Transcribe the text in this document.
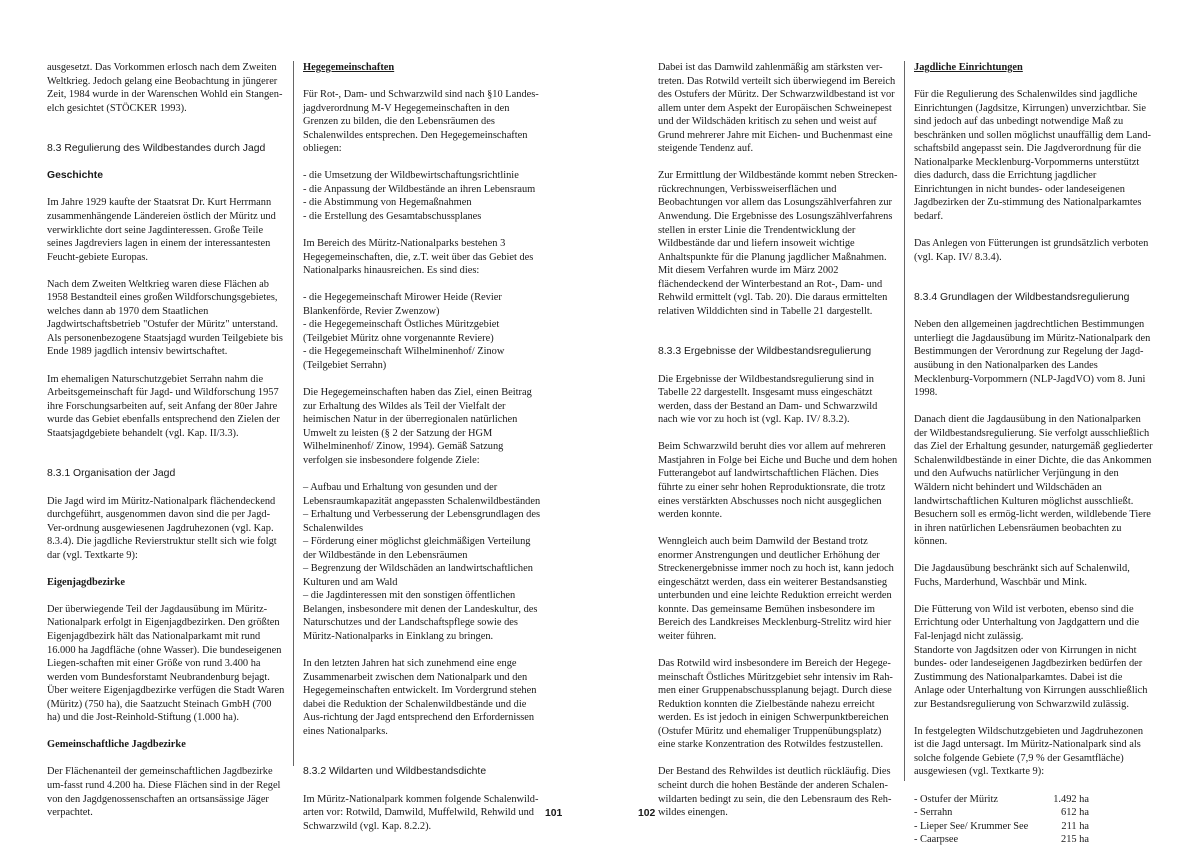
ausgesetzt. Das Vorkommen erlosch nach dem Zweiten Weltkrieg. Jedoch gelang eine Beobachtung in jüngerer Zeit, 1984 wurde in der Warenschen Wohld ein Stangen-elch gesichtet (STÖCKER 1993).

8.3 Regulierung des Wildbestandes durch Jagd
Geschichte

Im Jahre 1929 kaufte der Staatsrat Dr. Kurt Herrmann zusammenhängende Ländereien östlich der Müritz und verwirklichte dort seine Jagdinteressen. Große Teile seines Jagdreviers lagen in einem der interessantesten Feucht-gebiete Europas.

Nach dem Zweiten Weltkrieg waren diese Flächen ab 1958 Bestandteil eines großen Wildforschungsgebietes, welches dann ab 1970 dem Staatlichen Jagdwirtschaftsbetrieb "Ostufer der Müritz" unterstand. Als personenbezogene Staatsjagd wurden Teilgebiete bis Ende 1989 jagdlich intensiv bewirtschaftet.

Im ehemaligen Naturschutzgebiet Serrahn nahm die Arbeitsgemeinschaft für Jagd- und Wildforschung 1957 ihre Forschungsarbeiten auf, seit Anfang der 80er Jahre wurde das Gebiet ebenfalls entsprechend den Zielen der Staatsjagdgebiete behandelt (vgl. Kap. II/3.3).

8.3.1 Organisation der Jagd

Die Jagd wird im Müritz-Nationalpark flächendeckend durchgeführt, ausgenommen davon sind die per Jagd-Ver-ordnung ausgewiesenen Jagdruhezonen (vgl. Kap. 8.3.4). Die jagdliche Revierstruktur stellt sich wie folgt dar (vgl. Textkarte 9):

Eigenjagdbezirke

Der überwiegende Teil der Jagdausübung im Müritz-Nationalpark erfolgt in Eigenjagdbezirken. Den größten Eigenjagdbezirk hält das Nationalparkamt mit rund 16.000 ha Jagdfläche (ohne Wasser). Die bundeseigenen Liegen-schaften mit einer Größe von rund 3.400 ha werden vom Bundesforstamt Neubrandenburg bejagt.

Über weitere Eigenjagdbezirke verfügen die Stadt Waren (Müritz) (750 ha), die Saatzucht Steinach GmbH (700 ha) und die Jost-Reinhold-Stiftung (1.000 ha).

Gemeinschaftliche Jagdbezirke

Der Flächenanteil der gemeinschaftlichen Jagdbezirke um-fasst rund 4.200 ha. Diese Flächen sind in der Regel von den Jagdgenossenschaften an ortsansässige Jäger verpachtet.

Hegegemeinschaften

Für Rot-, Dam- und Schwarzwild sind nach §10 Landes-jagdverordnung M-V Hegegemeinschaften in den Grenzen zu bilden, die den Lebensräumen des Schalenwildes entsprechen. Den Hegegemeinschaften obliegen:

- die Umsetzung der Wildbewirtschaftungsrichtlinie
- die Anpassung der Wildbestände an ihren Lebensraum
- die Abstimmung von Hegemaßnahmen
- die Erstellung des Gesamtabschussplanes

Im Bereich des Müritz-Nationalparks bestehen 3 Hegegemeinschaften, die, z.T. weit über das Gebiet des Nationalparks hinausreichen. Es sind dies:

- die Hegegemeinschaft Mirower Heide (Revier Blankenförde, Revier Zwenzow)
- die Hegegemeinschaft Östliches Müritzgebiet (Teilgebiet Müritz ohne vorgenannte Reviere)
- die Hegegemeinschaft Wilhelminenhof/ Zinow (Teilgebiet Serrahn)

Die Hegegemeinschaften haben das Ziel, einen Beitrag zur Erhaltung des Wildes als Teil der Vielfalt der heimischen Natur in der überregionalen natürlichen Umwelt zu leisten (§ 2 der Satzung der HGM Wilhelminenhof/ Zinow, 1994). Gemäß Satzung verfolgen sie insbesondere folgende Ziele:

– Aufbau und Erhaltung von gesunden und der Lebensraumkapazität angepassten Schalenwildbeständen
– Erhaltung und Verbesserung der Lebensgrundlagen des Schalenwildes
– Förderung einer möglichst gleichmäßigen Verteilung der Wildbestände in den Lebensräumen
– Begrenzung der Wildschäden an landwirtschaftlichen Kulturen und am Wald
– die Jagdinteressen mit den sonstigen öffentlichen Belangen, insbesondere mit denen der Landeskultur, des Naturschutzes und der Landschaftspflege sowie des Müritz-Nationalparks in Einklang zu bringen.

In den letzten Jahren hat sich zunehmend eine enge Zusammenarbeit zwischen dem Nationalpark und den Hegegemeinschaften entwickelt. Im Vordergrund stehen dabei die Reduktion der Schalenwildbestände und die Aus-richtung der Jagd entsprechend den Erfordernissen eines Nationalparks.

8.3.2 Wildarten und Wildbestandsdichte

Im Müritz-Nationalpark kommen folgende Schalenwild-arten vor: Rotwild, Damwild, Muffelwild, Rehwild und Schwarzwild (vgl. Kap. 8.2.2).

Dabei ist das Damwild zahlenmäßig am stärksten ver-treten. Das Rotwild verteilt sich überwiegend im Bereich des Ostufers der Müritz. Der Schwarzwildbestand ist vor allem unter dem Aspekt der Europäischen Schweinepest und der Wildschäden kritisch zu sehen und weist auf Grund mehrerer Jahre mit Eichen- und Buchenmast eine steigende Tendenz auf.

Zur Ermittlung der Wildbestände kommt neben Strecken-rückrechnungen, Verbissweiserflächen und Beobachtungen vor allem das Losungszählverfahren zur Anwendung. Die Ergebnisse des Losungszählverfahrens stellen in erster Linie die Trendentwicklung der Wildbestände dar und liefern insoweit wichtige Anhaltspunkte für die Planung jagdlicher Maßnahmen. Mit diesem Verfahren wurde im März 2002 flächendeckend der Winterbestand an Rot-, Dam- und Rehwild ermittelt (vgl. Tab. 20). Die daraus ermittelten relativen Wilddichten sind in Tabelle 21 dargestellt.

8.3.3 Ergebnisse der Wildbestandsregulierung

Die Ergebnisse der Wildbestandsregulierung sind in Tabelle 22 dargestellt. Insgesamt muss eingeschätzt werden, dass der Bestand an Dam- und Schwarzwild nach wie vor zu hoch ist (vgl. Kap. IV/ 8.3.2).

Beim Schwarzwild beruht dies vor allem auf mehreren Mastjahren in Folge bei Eiche und Buche und dem hohen Futterangebot auf landwirtschaftlichen Flächen. Dies führte zu einer sehr hohen Reproduktionsrate, die trotz eines verstärkten Abschusses noch nicht ausgeglichen werden konnte.

Wenngleich auch beim Damwild der Bestand trotz enormer Anstrengungen und deutlicher Erhöhung der Streckenergebnisse immer noch zu hoch ist, kann jedoch eingeschätzt werden, dass ein weiterer Bestandsanstieg unterbunden und eine leichte Reduktion erreicht werden konnte. Das gemeinsame Bemühen insbesondere im Bereich des Landkreises Mecklenburg-Strelitz wird hier weiter führen.

Das Rotwild wird insbesondere im Bereich der Hegege-meinschaft Östliches Müritzgebiet sehr intensiv im Rah-men einer Gruppenabschussplanung bejagt. Durch diese Reduktion konnten die Zielbestände nahezu erreicht werden. Es ist jedoch in einigen Schwerpunktbereichen (Ostufer Müritz und ehemaliger Truppenübungsplatz) eine starke Konzentration des Rotwildes festzustellen.

Der Bestand des Rehwildes ist deutlich rückläufig. Dies scheint durch die hohen Bestände der anderen Schalen-wildarten bedingt zu sein, die den Lebensraum des Reh-wildes einengen.

Jagdliche Einrichtungen

Für die Regulierung des Schalenwildes sind jagdliche Einrichtungen (Jagdsitze, Kirrungen) unverzichtbar. Sie sind jedoch auf das unbedingt notwendige Maß zu beschränken und sollen möglichst unauffällig dem Land-schaftsbild angepasst sein. Die Jagdverordnung für die Nationalparke Mecklenburg-Vorpommerns unterstützt dies dadurch, dass die Errichtung jagdlicher Einrichtungen in nicht bundes- oder landeseigenen Jagdbezirken der Zu-stimmung des Nationalparkamtes bedarf.

Das Anlegen von Fütterungen ist grundsätzlich verboten (vgl. Kap. IV/ 8.3.4).

8.3.4 Grundlagen der Wildbestandsregulierung

Neben den allgemeinen jagdrechtlichen Bestimmungen unterliegt die Jagdausübung im Müritz-Nationalpark den Bestimmungen der Verordnung zur Regelung der Jagd-ausübung in den Nationalparken des Landes Mecklenburg-Vorpommern (NLP-JagdVO) vom 8. Juni 1998.

Danach dient die Jagdausübung in den Nationalparken der Wildbestandsregulierung. Sie verfolgt ausschließlich das Ziel der Erhaltung gesunder, naturgemäß gegliederter Schalenwildbestände in einer Dichte, die das Ankommen und den Aufwuchs natürlicher Verjüngung in den Wäldern nicht behindert und Wildschäden an landwirtschaftlichen Kulturen möglichst ausschließt. Besuchern soll es ermög-licht werden, wildlebende Tiere in ihren natürlichen Lebensräumen beobachten zu können.

Die Jagdausübung beschränkt sich auf Schalenwild, Fuchs, Marderhund, Waschbär und Mink.

Die Fütterung von Wild ist verboten, ebenso sind die Errichtung oder Unterhaltung von Jagdgattern und die Fal-lenjagd nicht zulässig.

Standorte von Jagdsitzen oder von Kirrungen in nicht bundes- oder landeseigenen Jagdbezirken bedürfen der Zustimmung des Nationalparkamtes. Dabei ist die Anlage oder Unterhaltung von Kirrungen ausschließlich zur Bestandsregulierung von Schwarzwild zulässig.

In festgelegten Wildschutzgebieten und Jagdruhezonen ist die Jagd untersagt. Im Müritz-Nationalpark sind als solche folgende Gebiete (7,9 % der Gesamtfläche) ausgewiesen (vgl. Textkarte 9):

- Ostufer der Müritz	1.492 ha
- Serrahn	612 ha
- Lieper See/ Krummer See	211 ha
- Caarpsee	215 ha
101	102
